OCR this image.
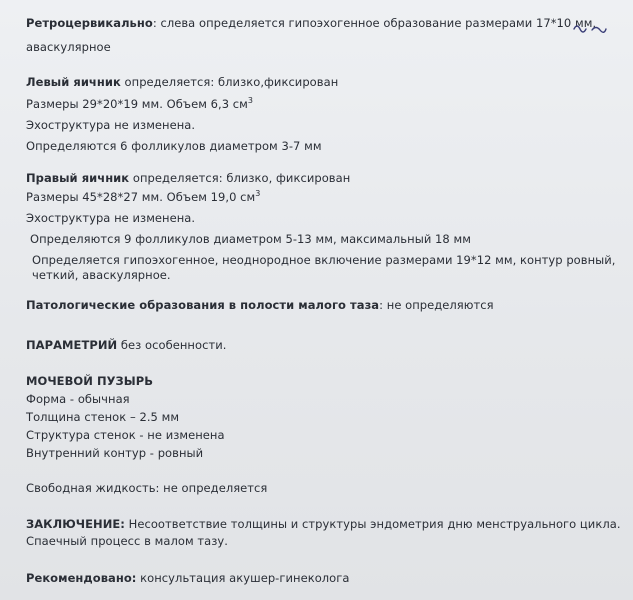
Ретроцервикально: слева определяется гипоэхогенное образование размерами 17*10 мм,
аваскулярное
Левый яичник определяется: близко,фиксирован
Размеры 29*20*19 мм. Объем 6,3 $см^3$
Эхоструктура не изменена.
Определяются 6 фолликулов диаметром 3-7 мм
Правый яичник определяется: близко, фиксирован
Размеры 45*28*27 мм. Объем 19,0 $см^3$
Эхоструктура не изменена.
Определяются 9 фолликулов диаметром 5-13 мм, максимальный 18 мм
Определяется гипоэхогенное, неоднородное включение размерами 19*12 мм, контур ровный,
четкий, аваскулярное.
Патологические образования в полости малого таза: не определяются
ПАРАМЕТРИЙ без особенности.
МОЧЕВОЙ ПУЗЫРЬ
Форма - обычная
Толщина стенок – 2.5 мм
Структура стенок - не изменена
Внутренний контур - ровный
Свободная жидкость: не определяется
ЗАКЛЮЧЕНИЕ: Несоответствие толщины и структуры эндометрия дню менструального цикла.
Спаечный процесс в малом тазу.
Рекомендовано: консультация акушер-гинеколога
